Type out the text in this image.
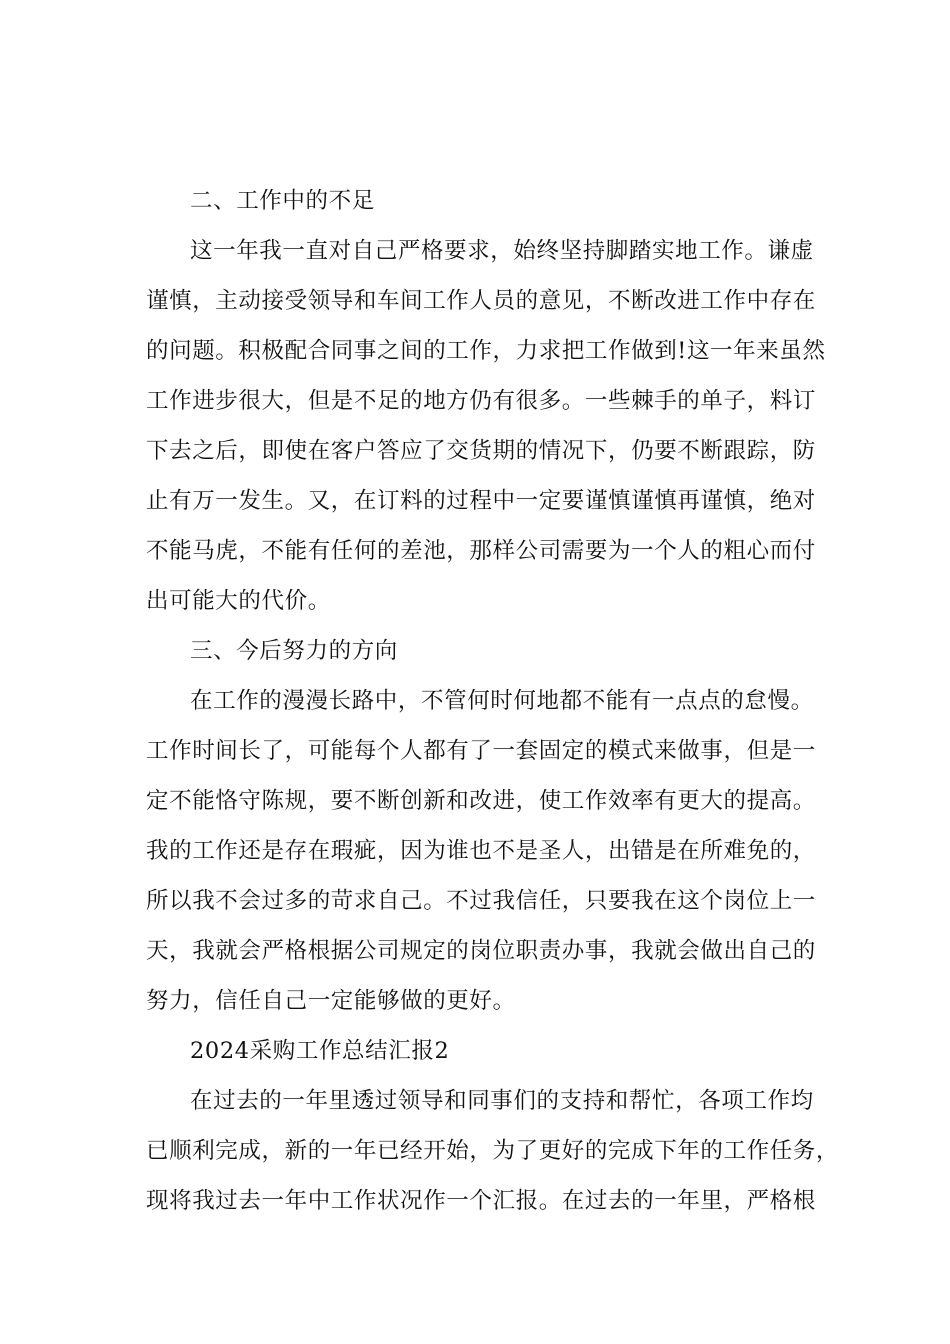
二、工作中的不足
这一年我一直对自己严格要求，始终坚持脚踏实地工作。谦虚
谨慎，主动接受领导和车间工作人员的意见，不断改进工作中存在
的问题。积极配合同事之间的工作，力求把工作做到!这一年来虽然
工作进步很大，但是不足的地方仍有很多。一些棘手的单子，料订
下去之后，即使在客户答应了交货期的情况下，仍要不断跟踪，防
止有万一发生。又，在订料的过程中一定要谨慎谨慎再谨慎，绝对
不能马虎，不能有任何的差池，那样公司需要为一个人的粗心而付
出可能大的代价。
三、今后努力的方向
在工作的漫漫长路中，不管何时何地都不能有一点点的怠慢。
工作时间长了，可能每个人都有了一套固定的模式来做事，但是一
定不能恪守陈规，要不断创新和改进，使工作效率有更大的提高。
我的工作还是存在瑕疵，因为谁也不是圣人，出错是在所难免的，
所以我不会过多的苛求自己。不过我信任，只要我在这个岗位上一
天，我就会严格根据公司规定的岗位职责办事，我就会做出自己的
努力，信任自己一定能够做的更好。
2024采购工作总结汇报2
在过去的一年里透过领导和同事们的支持和帮忙，各项工作均
已顺利完成，新的一年已经开始，为了更好的完成下年的工作任务，
现将我过去一年中工作状况作一个汇报。在过去的一年里，严格根
